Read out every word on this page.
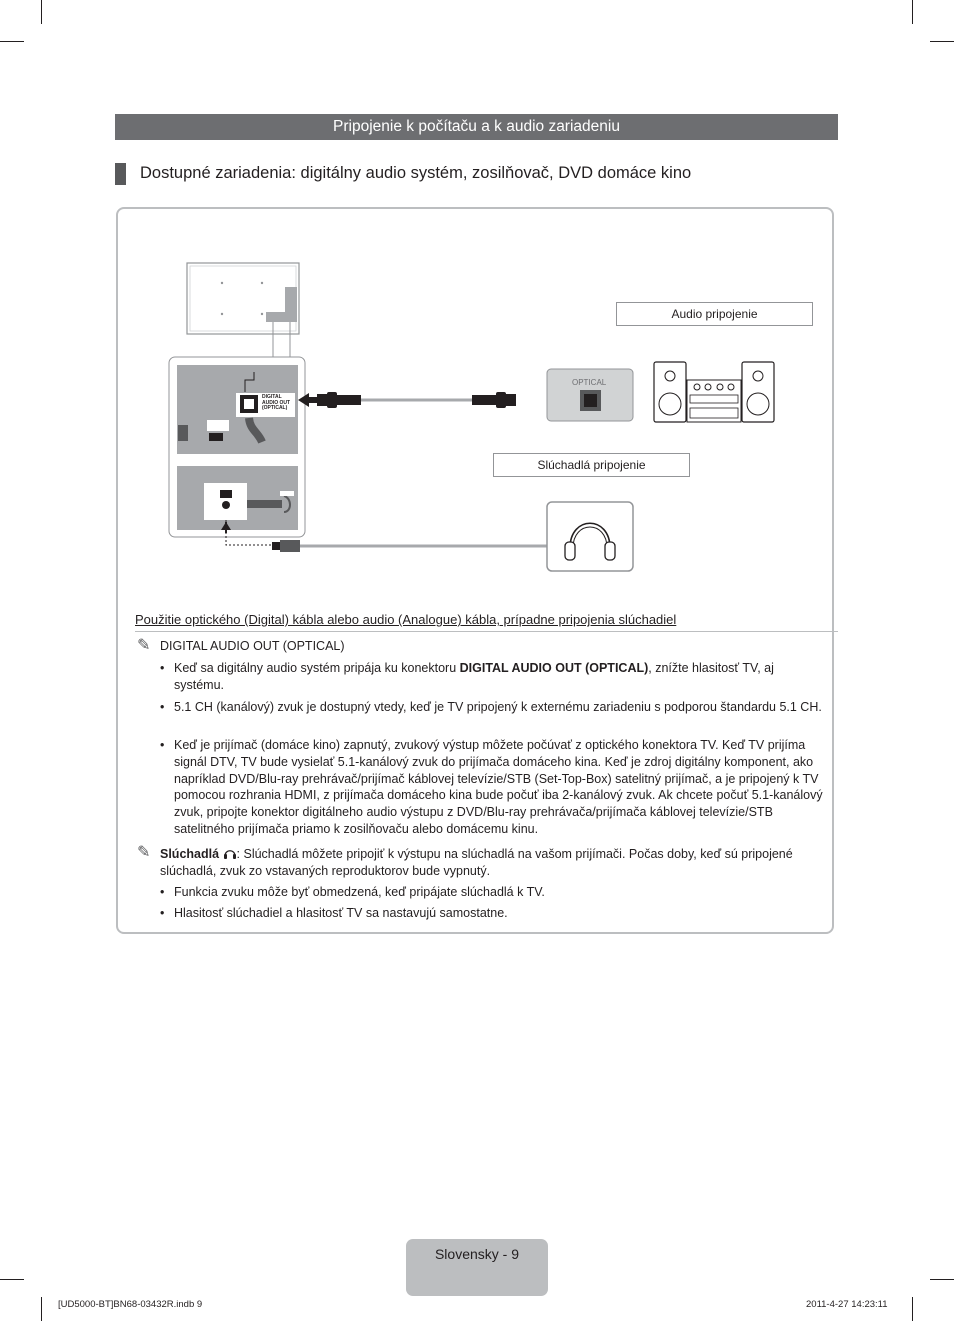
Pripojenie k počítaču a k audio zariadeniu
Dostupné zariadenia: digitálny audio systém, zosilňovač, DVD domáce kino
DIGITAL
AUDIO OUT
(OPTICAL)
OPTICAL
Audio pripojenie
Slúchadlá pripojenie
Použitie optického (Digital) kábla alebo audio (Analogue) kábla, prípadne pripojenia slúchadiel
✎ DIGITAL AUDIO OUT (OPTICAL)
• Keď sa digitálny audio systém pripája ku konektoru DIGITAL AUDIO OUT (OPTICAL), znížte hlasitosť TV, aj systému.
• 5.1 CH (kanálový) zvuk je dostupný vtedy, keď je TV pripojený k externému zariadeniu s podporou štandardu 5.1 CH.
• Keď je prijímač (domáce kino) zapnutý, zvukový výstup môžete počúvať z optického konektora TV. Keď TV prijíma signál DTV, TV bude vysielať 5.1-kanálový zvuk do prijímača domáceho kina. Keď je zdroj digitálny komponent, ako napríklad DVD/Blu-ray prehrávač/prijímač káblovej televízie/STB (Set-Top-Box) satelitný prijímač, a je pripojený k TV pomocou rozhrania HDMI, z prijímača domáceho kina bude počuť iba 2-kanálový zvuk. Ak chcete počuť 5.1-kanálový zvuk, pripojte konektor digitálneho audio výstupu z DVD/Blu-ray prehrávača/prijímača káblovej televízie/STB satelitného prijímača priamo k zosilňovaču alebo domácemu kinu.
✎ Slúchadlá : Slúchadlá môžete pripojiť k výstupu na slúchadlá na vašom prijímači. Počas doby, keď sú pripojené slúchadlá, zvuk zo vstavaných reproduktorov bude vypnutý.
• Funkcia zvuku môže byť obmedzená, keď pripájate slúchadlá k TV.
• Hlasitosť slúchadiel a hlasitosť TV sa nastavujú samostatne.
Slovensky - 9
[UD5000-BT]BN68-03432R.indb 9	2011-4-27 14:23:11
